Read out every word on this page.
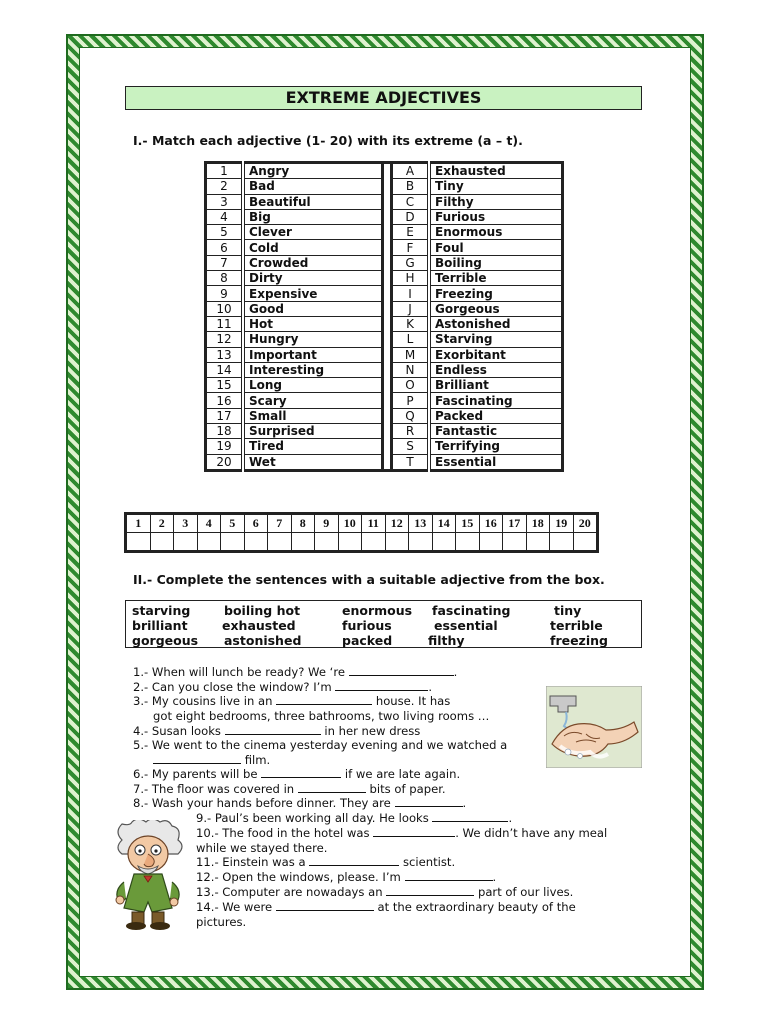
EXTREME ADJECTIVES
I.- Match each adjective (1- 20) with its extreme (a – t).
1	Angry		A	Exhausted
2	Bad		B	Tiny
3	Beautiful		C	Filthy
4	Big		D	Furious
5	Clever		E	Enormous
6	Cold		F	Foul
7	Crowded		G	Boiling
8	Dirty		H	Terrible
9	Expensive		I	Freezing
10	Good		J	Gorgeous
11	Hot		K	Astonished
12	Hungry		L	Starving
13	Important		M	Exorbitant
14	Interesting		N	Endless
15	Long		O	Brilliant
16	Scary		P	Fascinating
17	Small		Q	Packed
18	Surprised		R	Fantastic
19	Tired		S	Terrifying
20	Wet		T	Essential
1	2	3	4	5	6	7	8	9	10	11	12	13	14	15	16	17	18	19	20

II.- Complete the sentences with a suitable adjective from the box.
starving	boiling hot	enormous fascinating	tiny
brilliant	exhausted	furious	essential	terrible
gorgeous astonished	packed	filthy	freezing
1.- When will lunch be ready? We ‘re	.
2.- Can you close the window? I’m	.
3.- My cousins live in an	house. It has
got eight bedrooms, three bathrooms, two living rooms …
4.- Susan looks	in her new dress
5.- We went to the cinema yesterday evening and we watched a
film.
6.- My parents will be	if we are late again.
7.- The floor was covered in	bits of paper.
8.- Wash your hands before dinner. They are	.
9.- Paul’s been working all day. He looks	.
10.- The food in the hotel was	. We didn’t have any meal
while we stayed there.
11.- Einstein was a	scientist.
12.- Open the windows, please. I’m	.
13.- Computer are nowadays an	part of our lives.
14.- We were	at the extraordinary beauty of the
pictures.
